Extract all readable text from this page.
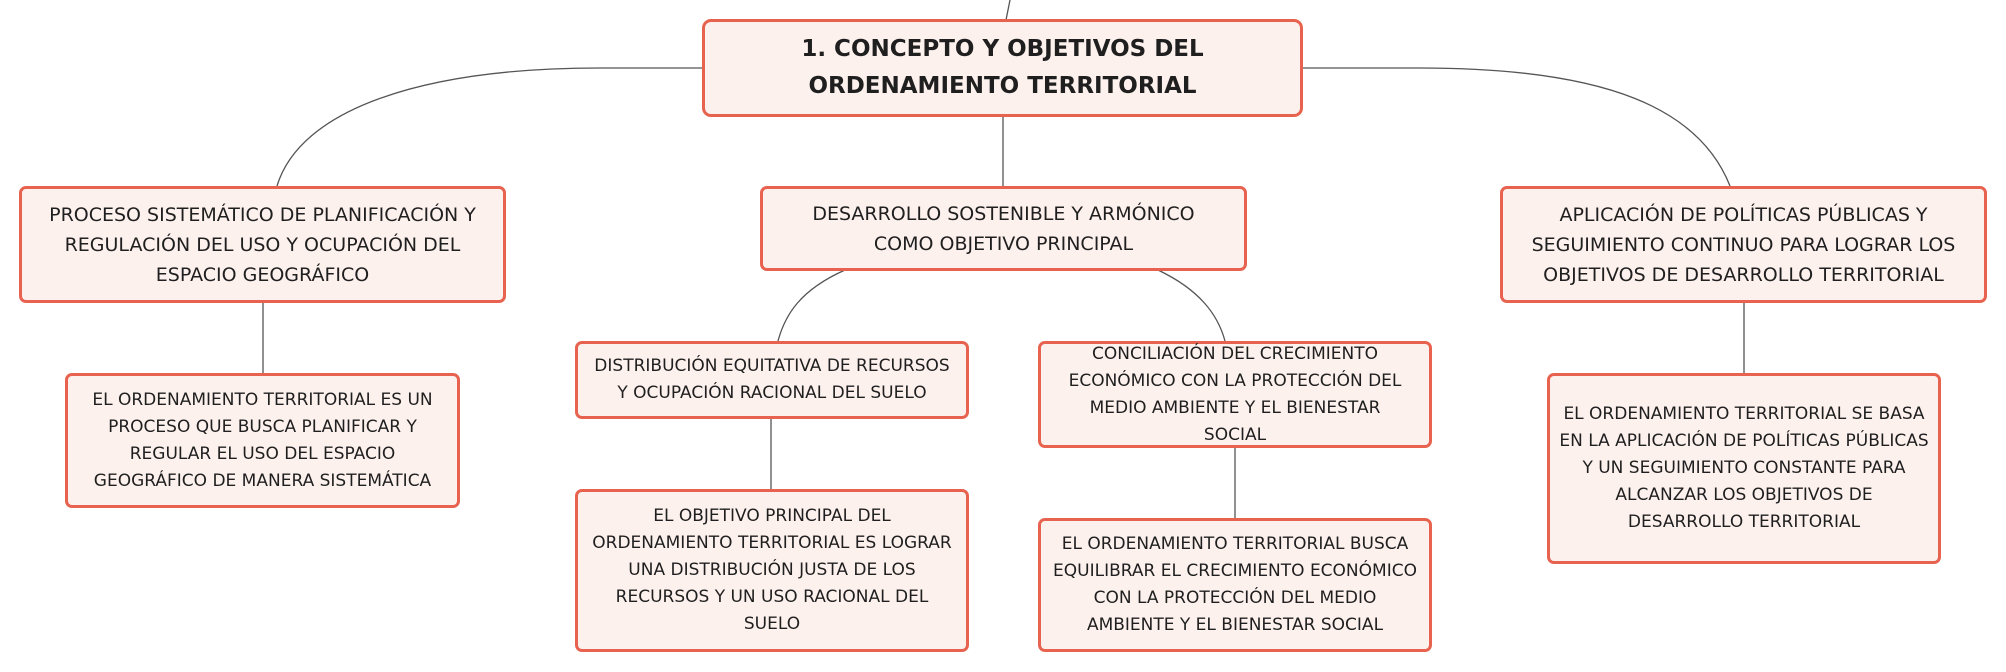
1. CONCEPTO Y OBJETIVOS DEL ORDENAMIENTO TERRITORIAL
PROCESO SISTEMÁTICO DE PLANIFICACIÓN Y REGULACIÓN DEL USO Y OCUPACIÓN DEL ESPACIO GEOGRÁFICO
DESARROLLO SOSTENIBLE Y ARMÓNICO COMO OBJETIVO PRINCIPAL
APLICACIÓN DE POLÍTICAS PÚBLICAS Y SEGUIMIENTO CONTINUO PARA LOGRAR LOS OBJETIVOS DE DESARROLLO TERRITORIAL
EL ORDENAMIENTO TERRITORIAL ES UN PROCESO QUE BUSCA PLANIFICAR Y REGULAR EL USO DEL ESPACIO GEOGRÁFICO DE MANERA SISTEMÁTICA
DISTRIBUCIÓN EQUITATIVA DE RECURSOS Y OCUPACIÓN RACIONAL DEL SUELO
EL OBJETIVO PRINCIPAL DEL ORDENAMIENTO TERRITORIAL ES LOGRAR UNA DISTRIBUCIÓN JUSTA DE LOS RECURSOS Y UN USO RACIONAL DEL SUELO
CONCILIACIÓN DEL CRECIMIENTO ECONÓMICO CON LA PROTECCIÓN DEL MEDIO AMBIENTE Y EL BIENESTAR SOCIAL
EL ORDENAMIENTO TERRITORIAL BUSCA EQUILIBRAR EL CRECIMIENTO ECONÓMICO CON LA PROTECCIÓN DEL MEDIO AMBIENTE Y EL BIENESTAR SOCIAL
EL ORDENAMIENTO TERRITORIAL SE BASA EN LA APLICACIÓN DE POLÍTICAS PÚBLICAS Y UN SEGUIMIENTO CONSTANTE PARA ALCANZAR LOS OBJETIVOS DE DESARROLLO TERRITORIAL
